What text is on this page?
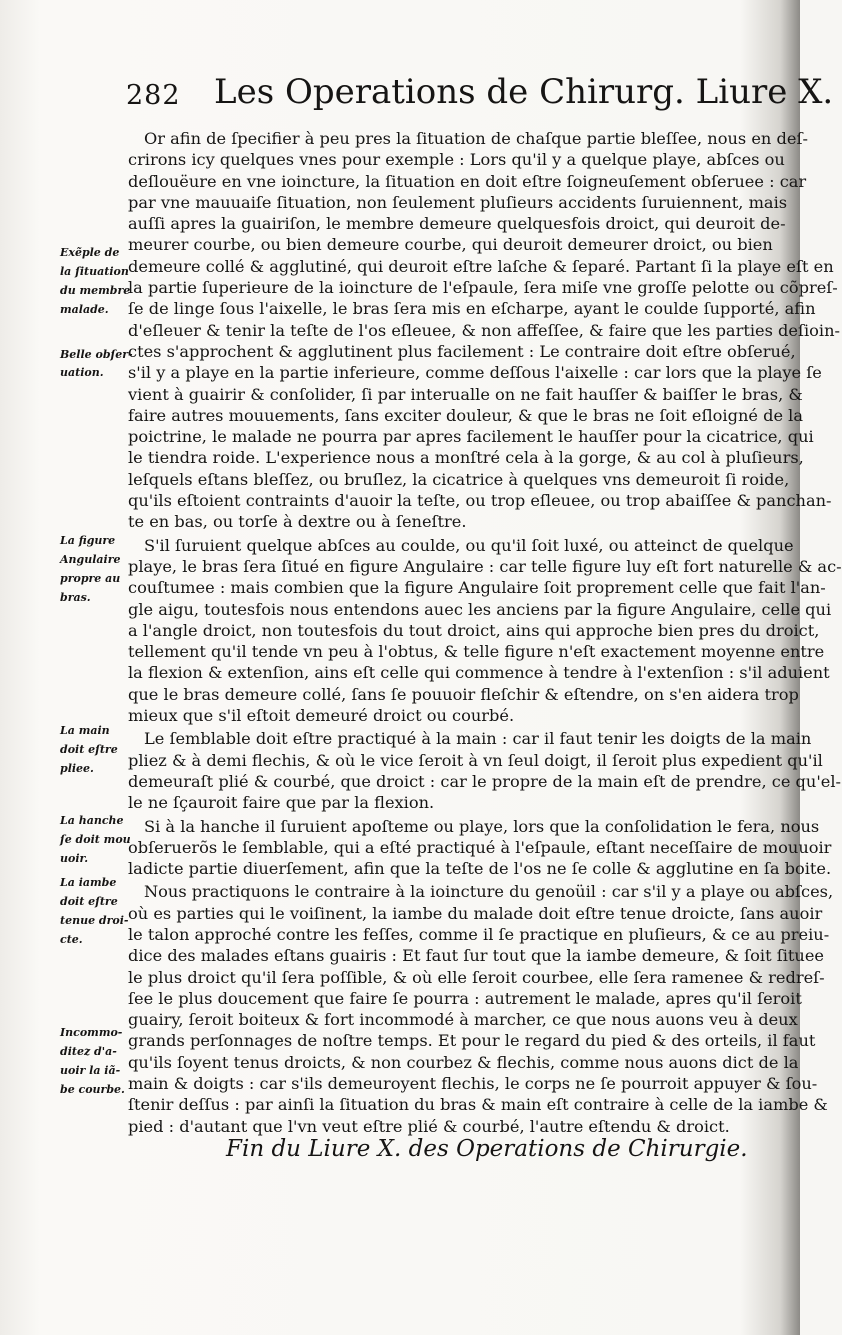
282 Les Operations de Chirurg. Liure X.
Or afin de ſpecifier à peu pres la ſituation de chaſque partie bleſſee, nous en deſ-
crirons icy quelques vnes pour exemple : Lors qu'il y a quelque playe, abſces ou
deſlouëure en vne ioincture, la ſituation en doit eſtre ſoigneuſement obſeruee : car
par vne mauuaiſe ſituation, non ſeulement pluſieurs accidents ſuruiennent, mais
auſſi apres la guairiſon, le membre demeure quelquesfois droict, qui deuroit de-
meurer courbe, ou bien demeure courbe, qui deuroit demeurer droict, ou bien
demeure collé & agglutiné, qui deuroit eſtre laſche & ſeparé. Partant ſi la playe eſt en
la partie ſuperieure de la ioincture de l'eſpaule, ſera miſe vne groſſe pelotte ou cõpreſ-
ſe de linge ſous l'aixelle, le bras ſera mis en eſcharpe, ayant le coulde ſupporté, afin
d'eſleuer & tenir la teſte de l'os eſleuee, & non affeſſee, & faire que les parties deſioin-
ctes s'approchent & agglutinent plus facilement : Le contraire doit eſtre obſerué,
s'il y a playe en la partie inferieure, comme deſſous l'aixelle : car lors que la playe ſe
vient à guairir & conſolider, ſi par interualle on ne fait hauſſer & baiſſer le bras, &
faire autres mouuements, ſans exciter douleur, & que le bras ne ſoit eſloigné de la
poictrine, le malade ne pourra par apres facilement le hauſſer pour la cicatrice, qui
le tiendra roide. L'experience nous a monſtré cela à la gorge, & au col à pluſieurs,
leſquels eſtans bleſſez, ou bruſlez, la cicatrice à quelques vns demeuroit ſi roide,
qu'ils eſtoient contraints d'auoir la teſte, ou trop eſleuee, ou trop abaiſſee & panchan-
te en bas, ou torſe à dextre ou à ſeneſtre.
S'il ſuruient quelque abſces au coulde, ou qu'il ſoit luxé, ou atteinct de quelque
playe, le bras ſera ſitué en figure Angulaire : car telle figure luy eſt fort naturelle & ac-
couſtumee : mais combien que la figure Angulaire ſoit proprement celle que fait l'an-
gle aigu, toutesfois nous entendons auec les anciens par la figure Angulaire, celle qui
a l'angle droict, non toutesfois du tout droict, ains qui approche bien pres du droict,
tellement qu'il tende vn peu à l'obtus, & telle figure n'eſt exactement moyenne entre
la flexion & extenſion, ains eſt celle qui commence à tendre à l'extenſion : s'il aduient
que le bras demeure collé, ſans ſe pouuoir fleſchir & eſtendre, on s'en aidera trop
mieux que s'il eſtoit demeuré droict ou courbé.
Le ſemblable doit eſtre practiqué à la main : car il faut tenir les doigts de la main
pliez & à demi flechis, & où le vice ſeroit à vn ſeul doigt, il ſeroit plus expedient qu'il
demeuraſt plié & courbé, que droict : car le propre de la main eſt de prendre, ce qu'el-
le ne ſçauroit faire que par la flexion.
Si à la hanche il ſuruient apoſteme ou playe, lors que la conſolidation le fera, nous
obſeruerõs le ſemblable, qui a eſté practiqué à l'eſpaule, eſtant neceſſaire de mouuoir
ladicte partie diuerſement, afin que la teſte de l'os ne ſe colle & agglutine en ſa boite.
Nous practiquons le contraire à la ioincture du genoüil : car s'il y a playe ou abſces,
où es parties qui le voiſinent, la iambe du malade doit eſtre tenue droicte, ſans auoir
le talon approché contre les feſſes, comme il ſe practique en pluſieurs, & ce au preiu-
dice des malades eſtans guairis : Et faut ſur tout que la iambe demeure, & ſoit ſituee
le plus droict qu'il ſera poſſible, & où elle ſeroit courbee, elle ſera ramenee & redreſ-
ſee le plus doucement que faire ſe pourra : autrement le malade, apres qu'il ſeroit
guairy, ſeroit boiteux & fort incommodé à marcher, ce que nous auons veu à deux
grands perſonnages de noſtre temps. Et pour le regard du pied & des orteils, il faut
qu'ils ſoyent tenus droicts, & non courbez & flechis, comme nous auons dict de la
main & doigts : car s'ils demeuroyent flechis, le corps ne ſe pourroit appuyer & ſou-
ſtenir deſſus : par ainſi la ſituation du bras & main eſt contraire à celle de la iambe &
pied : d'autant que l'vn veut eſtre plié & courbé, l'autre eſtendu & droict.
Exẽple de
la ſituation
du membre
malade.
Belle obſer-
uation.
La figure
Angulaire
propre au
bras.
La main
doit eſtre
pliee.
La hanche
ſe doit mou
uoir.
La iambe
doit eſtre
tenue droi-
cte.
Incommo-
ditez d'a-
uoir la iã-
be courbe.
Fin du Liure X. des Operations de Chirurgie.
